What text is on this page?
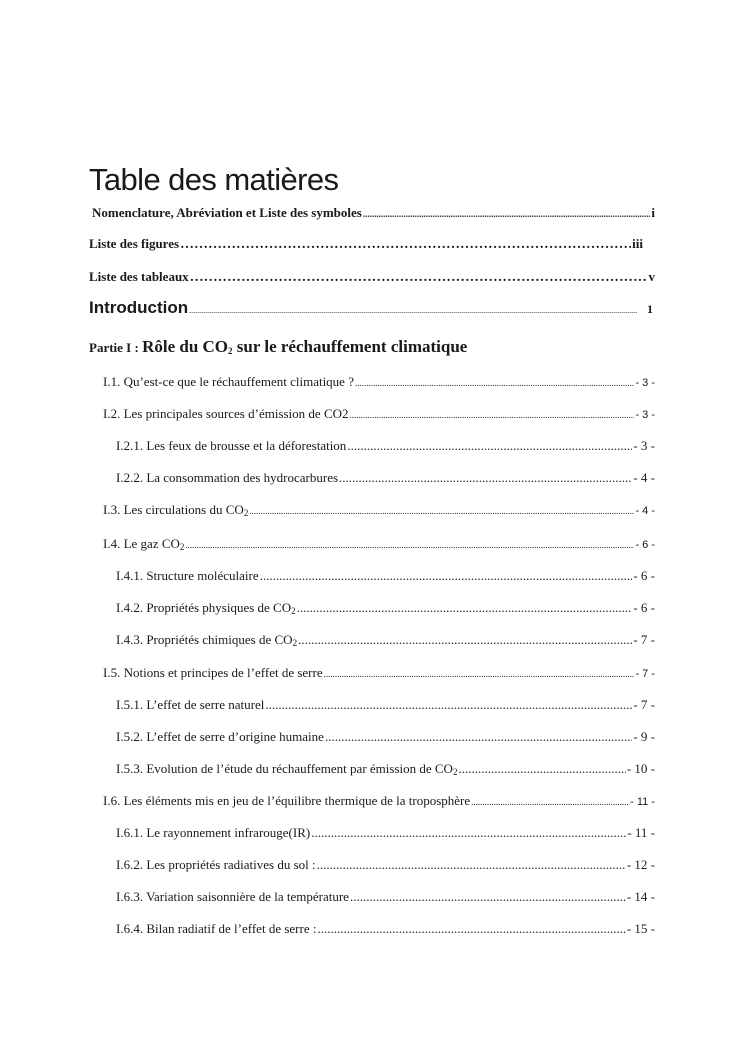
Table des matières
Nomenclature, Abréviation et Liste des symboles .....	i
Liste des figures …………………………………………………………………………………………………………………………………………………………………………………………	iii
Liste des tableaux …………………………………………………………………………………………………………………………………………………………………………………………	v
Introduction .....	1
Partie I : Rôle du $CO_2$ sur le réchauffement climatique
I.1. Qu’est-ce que le réchauffement climatique ? .....	- 3 -
I.2. Les principales sources d’émission de CO2 .....	- 3 -
I.2.1. Les feux de brousse et la déforestation .....	- 3 -
I.2.2. La consommation des hydrocarbures .....	- 4 -
I.3. Les circulations du $CO_2$ .....	- 4 -
I.4. Le gaz $CO_2$ .....	- 6 -
I.4.1. Structure moléculaire .....	- 6 -
I.4.2. Propriétés physiques de $CO_2$ .....	- 6 -
I.4.3. Propriétés chimiques de $CO_2$ .....	- 7 -
I.5. Notions et principes de l’effet de serre .....	- 7 -
I.5.1. L’effet de serre naturel .....	- 7 -
I.5.2. L’effet de serre d’origine humaine .....	- 9 -
I.5.3. Evolution de l’étude du réchauffement par émission de $CO_2$ .....	- 10 -
I.6. Les éléments mis en jeu de l’équilibre thermique de la troposphère .....	- 11 -
I.6.1. Le rayonnement infrarouge(IR) .....	- 11 -
I.6.2. Les propriétés radiatives du sol : .....	- 12 -
I.6.3. Variation saisonnière de la température .....	- 14 -
I.6.4. Bilan radiatif de l’effet de serre : .....	- 15 -
